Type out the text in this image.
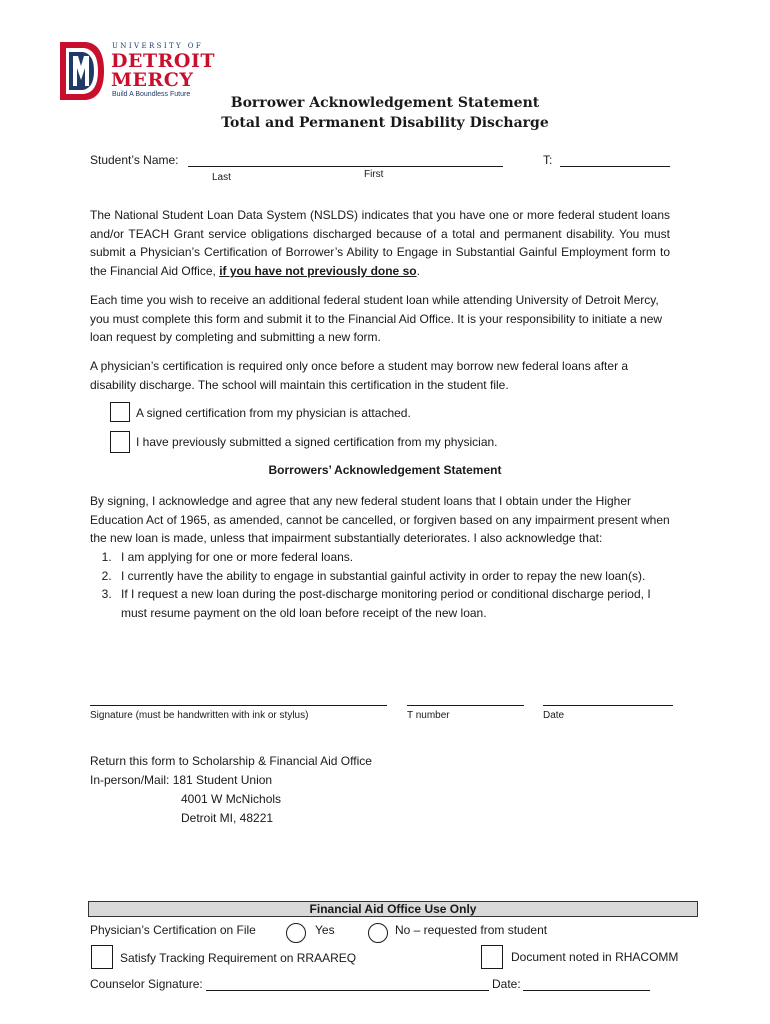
UNIVERSITY OF
DETROIT
MERCY
Build A Boundless Future
Borrower Acknowledgement Statement
Total and Permanent Disability Discharge
Student’s Name:	T:
Last	First
The National Student Loan Data System (NSLDS) indicates that you have one or more federal student loans and/or TEACH Grant service obligations discharged because of a total and permanent disability. You must submit a Physician’s Certification of Borrower’s Ability to Engage in Substantial Gainful Employment form to the Financial Aid Office, if you have not previously done so.
Each time you wish to receive an additional federal student loan while attending University of Detroit Mercy, you must complete this form and submit it to the Financial Aid Office. It is your responsibility to initiate a new loan request by completing and submitting a new form.
A physician’s certification is required only once before a student may borrow new federal loans after a disability discharge. The school will maintain this certification in the student file.
A signed certification from my physician is attached.
I have previously submitted a signed certification from my physician.
Borrowers’ Acknowledgement Statement
By signing, I acknowledge and agree that any new federal student loans that I obtain under the Higher Education Act of 1965, as amended, cannot be cancelled, or forgiven based on any impairment present when the new loan is made, unless that impairment substantially deteriorates. I also acknowledge that:
1. I am applying for one or more federal loans.
2. I currently have the ability to engage in substantial gainful activity in order to repay the new loan(s).
3. If I request a new loan during the post-discharge monitoring period or conditional discharge period, I must resume payment on the old loan before receipt of the new loan.
Signature (must be handwritten with ink or stylus)	T number	Date
Return this form to Scholarship & Financial Aid Office
In-person/Mail: 181 Student Union
4001 W McNichols
Detroit MI, 48221
Financial Aid Office Use Only
Physician’s Certification on File	Yes	No – requested from student
Satisfy Tracking Requirement on RRAAREQ	Document noted in RHACOMM
Counselor Signature:	Date:
